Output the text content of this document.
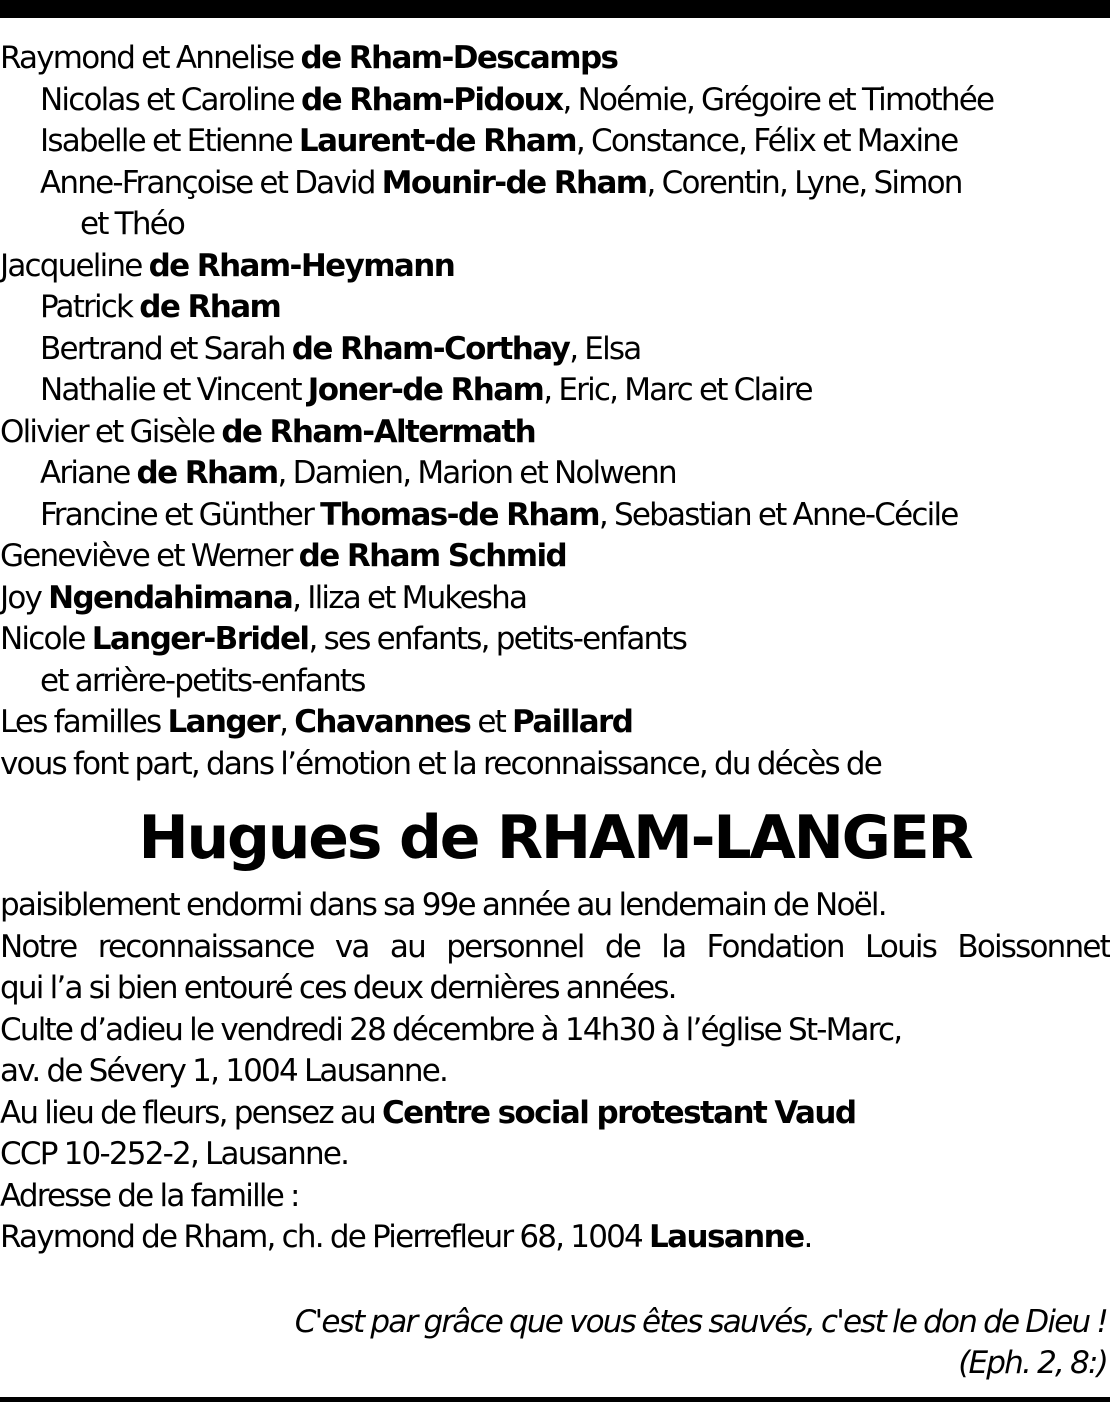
Raymond et Annelise de Rham-Descamps
Nicolas et Caroline de Rham-Pidoux, Noémie, Grégoire et Timothée
Isabelle et Etienne Laurent-de Rham, Constance, Félix et Maxine
Anne-Françoise et David Mounir-de Rham, Corentin, Lyne, Simon
et Théo
Jacqueline de Rham-Heymann
Patrick de Rham
Bertrand et Sarah de Rham-Corthay, Elsa
Nathalie et Vincent Joner-de Rham, Eric, Marc et Claire
Olivier et Gisèle de Rham-Altermath
Ariane de Rham, Damien, Marion et Nolwenn
Francine et Günther Thomas-de Rham, Sebastian et Anne-Cécile
Geneviève et Werner de Rham Schmid
Joy Ngendahimana, Iliza et Mukesha
Nicole Langer-Bridel, ses enfants, petits-enfants
et arrière-petits-enfants
Les familles Langer, Chavannes et Paillard
vous font part, dans l’émotion et la reconnaissance, du décès de
Hugues de RHAM-LANGER
paisiblement endormi dans sa 99e année au lendemain de Noël.
Notre reconnaissance va au personnel de la Fondation Louis Boissonnet
qui l’a si bien entouré ces deux dernières années.
Culte d’adieu le vendredi 28 décembre à 14h30 à l’église St-Marc,
av. de Sévery 1, 1004 Lausanne.
Au lieu de fleurs, pensez au Centre social protestant Vaud
CCP 10-252-2, Lausanne.
Adresse de la famille :
Raymond de Rham, ch. de Pierrefleur 68, 1004 Lausanne.
C'est par grâce que vous êtes sauvés, c'est le don de Dieu !
(Eph. 2, 8:)
